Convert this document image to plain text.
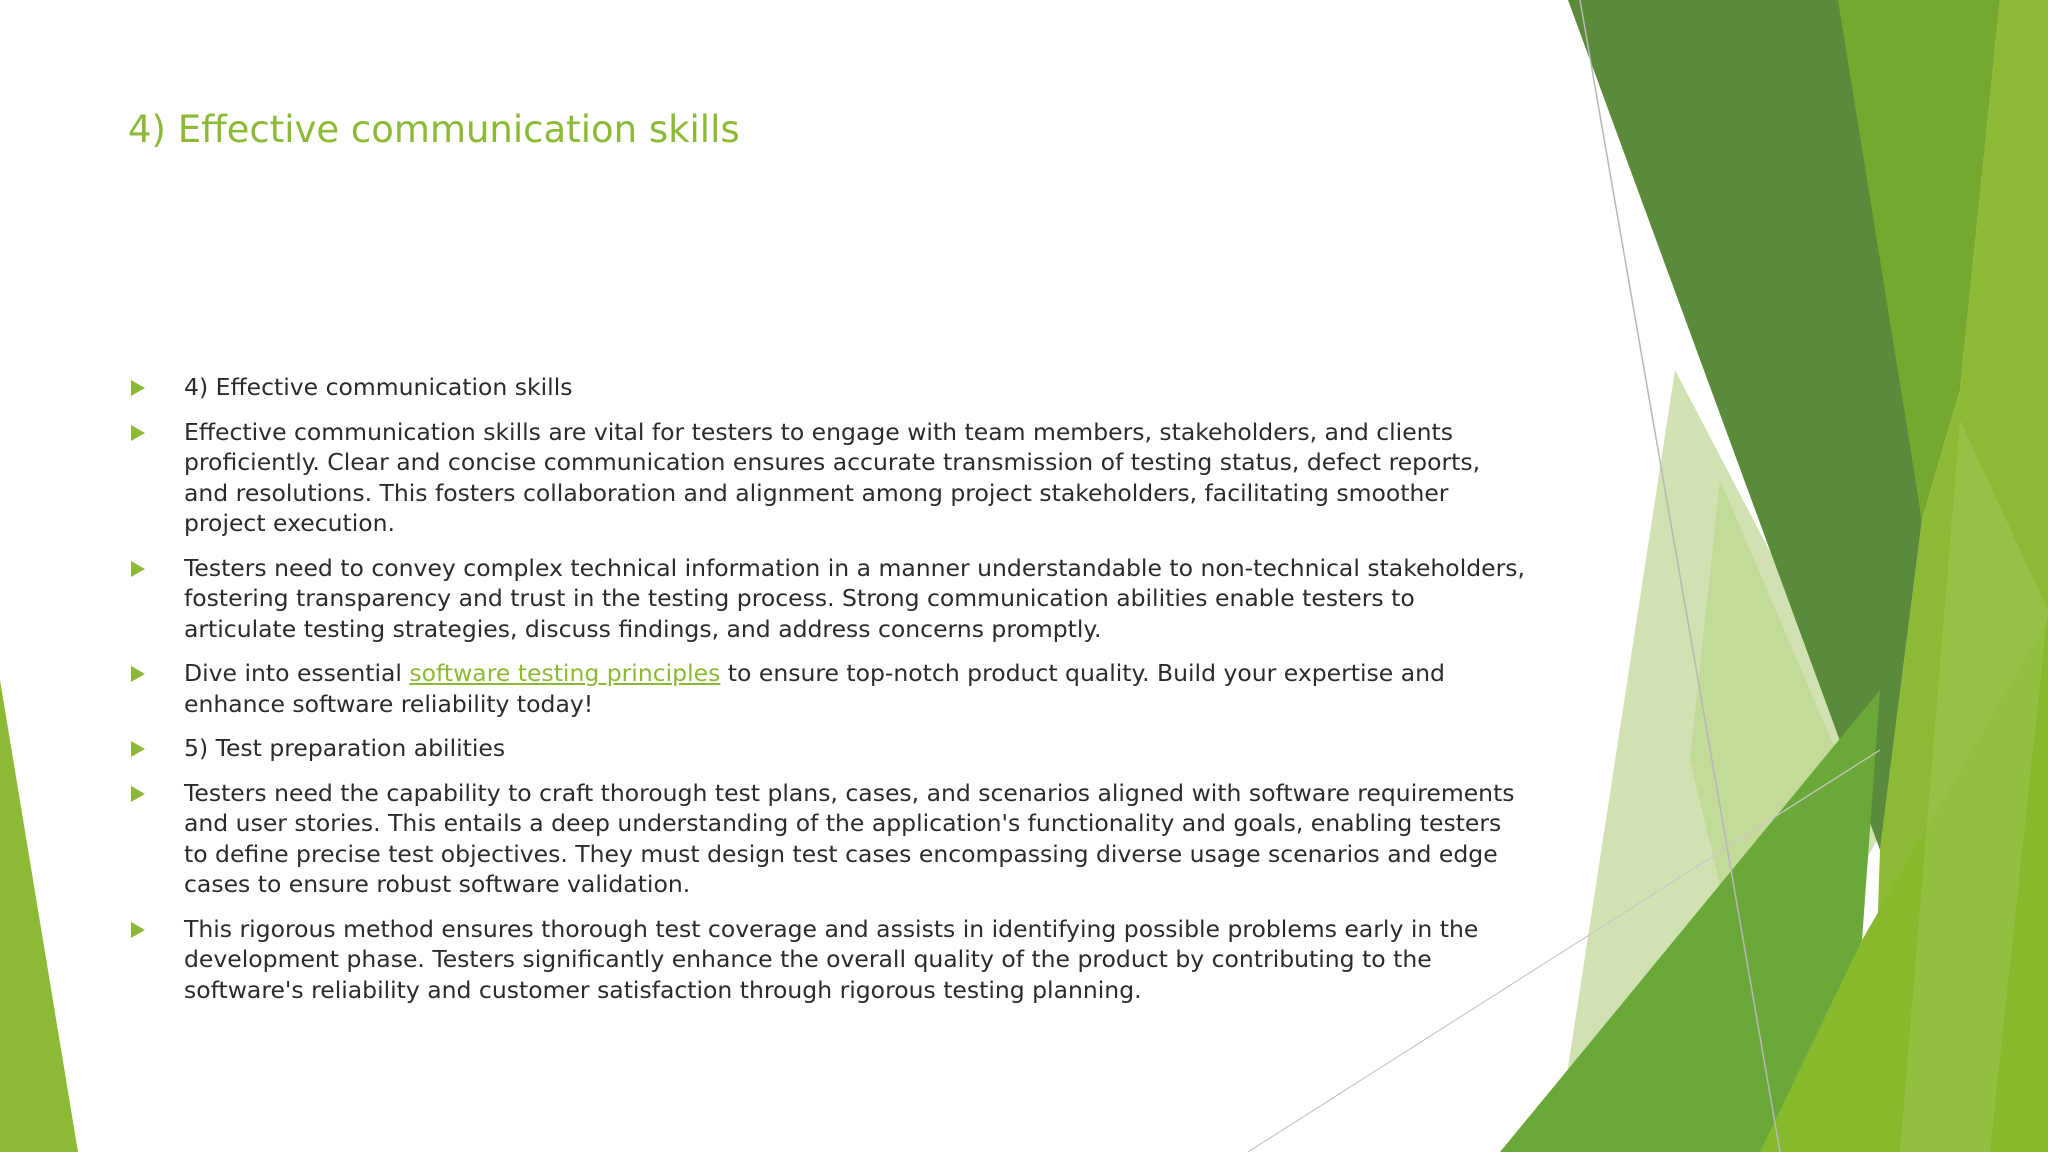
4) Effective communication skills
4) Effective communication skills
Effective communication skills are vital for testers to engage with team members, stakeholders, and clients proficiently. Clear and concise communication ensures accurate transmission of testing status, defect reports, and resolutions. This fosters collaboration and alignment among project stakeholders, facilitating smoother project execution.
Testers need to convey complex technical information in a manner understandable to non-technical stakeholders, fostering transparency and trust in the testing process. Strong communication abilities enable testers to articulate testing strategies, discuss findings, and address concerns promptly.
Dive into essential software testing principles to ensure top-notch product quality. Build your expertise and enhance software reliability today!
5) Test preparation abilities
Testers need the capability to craft thorough test plans, cases, and scenarios aligned with software requirements and user stories. This entails a deep understanding of the application's functionality and goals, enabling testers to define precise test objectives. They must design test cases encompassing diverse usage scenarios and edge cases to ensure robust software validation.
This rigorous method ensures thorough test coverage and assists in identifying possible problems early in the development phase. Testers significantly enhance the overall quality of the product by contributing to the software's reliability and customer satisfaction through rigorous testing planning.
